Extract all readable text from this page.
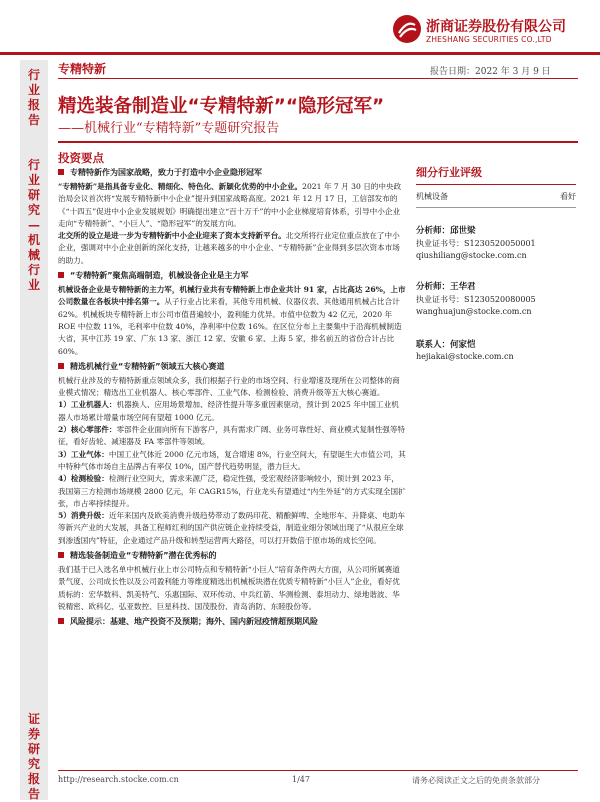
浙商证券股份有限公司
ZHESHANG SECURITIES CO.,LTD
行业报告
行业研究—机械行业
证券研究报告
专精特新	报告日期：2022 年 3 月 9 日
精选装备制造业“专精特新”“隐形冠军”
——机械行业“专精特新”专题研究报告
投资要点
专精特新作为国家战略，致力于打造中小企业隐形冠军

“专精特新”是指具备专业化、精细化、特色化、新颖化优势的中小企业。2021 年 7 月 30 日的中央政治局会议首次将“发展专精特新中小企业”提升到国家战略高度。2021 年 12 月 17 日，工信部发布的《“十四五”促进中小企业发展规划》明确提出建立“百十万千”的中小企业梯度培育体系，引导中小企业走向“专精特新”、“小巨人”、“隐形冠军”的发展方向。

北交所的设立是进一步为专精特新中小企业迎来了资本支持新平台。北交所将行业定位重点放在了中小企业，强调对中小企业创新的深化支持，让越来越多的中小企业、“专精特新”企业得到多层次资本市场的助力。

“专精特新”聚焦高端制造，机械设备企业是主力军

机械设备企业是专精特新的主力军，机械行业共有专精特新上市企业共计 91 家，占比高达 26%，上市公司数量在各板块中排名第一。从子行业占比来看，其他专用机械、仪器仪表、其他通用机械占比合计 62%。机械板块专精特新上市公司市值普遍较小，盈利能力优异。市值中位数为 42 亿元，2020 年 ROE 中位数 11%，毛利率中位数 40%，净利率中位数 16%。在区位分布上主要集中于沿海机械制造大省，其中江苏 19 家、广东 13 家、浙江 12 家、安徽 6 家、上海 5 家，排名前五的省份合计占比 60%。

精选机械行业“专精特新”领域五大核心赛道

机械行业涉及的专精特新重点领域众多，我们根据子行业的市场空间、行业增速及现所在公司整体的商业模式情况；精选出工业机器人、核心零部件、工业气体、检测检验、消费升级等五大核心赛道。

1）工业机器人：机器换人、应用场景增加、经济性提升等多重因素驱动，预计到 2025 年中国工业机器人市场累计增量市场空间有望超 1000 亿元。

2）核心零部件：零部件企业面向所有下游客户，具有需求广阔、业务可靠性好、商业模式复制性强等特征，看好齿轮、减速器及 FA 零部件等领域。

3）工业气体：中国工业气体近 2000 亿元市场，复合增速 8%，行业空间大，有望诞生大市值公司，其中特种气体市场自主品牌占有率仅 10%，国产替代趋势明显，潜力巨大。

4）检测检验：检测行业空间大，需求来源广泛，稳定性强，受宏观经济影响较小，预计到 2023 年，我国第三方检测市场规模 2800 亿元，年 CAGR15%，行业龙头有望通过“内生外延”的方式实现全国扩张，市占率持续提升。

5）消费升级：近年来国内及欧美消费升级趋势带动了数码印花、精酿鲜啤、全地形车、升降桌、电助车等新兴产业的大发展，具备工程师红利的国产供应链企业持续受益，制造业细分领域出现了“从很应全球到渗透国内”特征，企业通过产品升级和转型运营两大路径，可以打开数倍于原市场的成长空间。

精选装备制造业“专精特新”潜在优秀标的

我们基于已入选名单中机械行业上市公司特点和专精特新“小巨人”培育条件两大方面，从公司所属赛道景气度、公司成长性以及公司盈利能力等维度精选出机械板块潜在优质专精特新“小巨人”企业，看好优质标的：宏华数科、凯美特气、乐惠国际、双环传动、中兵红箭、华测检测、泰坦动力、绿地谐波、华锐精密、欧科亿、弘亚数控、巨星科技、国茂股份、青岛消防、东睦股份等。

风险提示：基建、地产投资不及预期；海外、国内新冠疫情超预期风险
细分行业评级
机械设备	看好
分析师：邱世梁
执业证书号：S1230520050001
qiushiliang@stocke.com.cn
分析师：王华君
执业证书号：S1230520080005
wanghuajun@stocke.com.cn
联系人：何家恺
hejiakai@stocke.com.cn
http://research.stocke.com.cn	1/47	请务必阅读正文之后的免责条款部分
